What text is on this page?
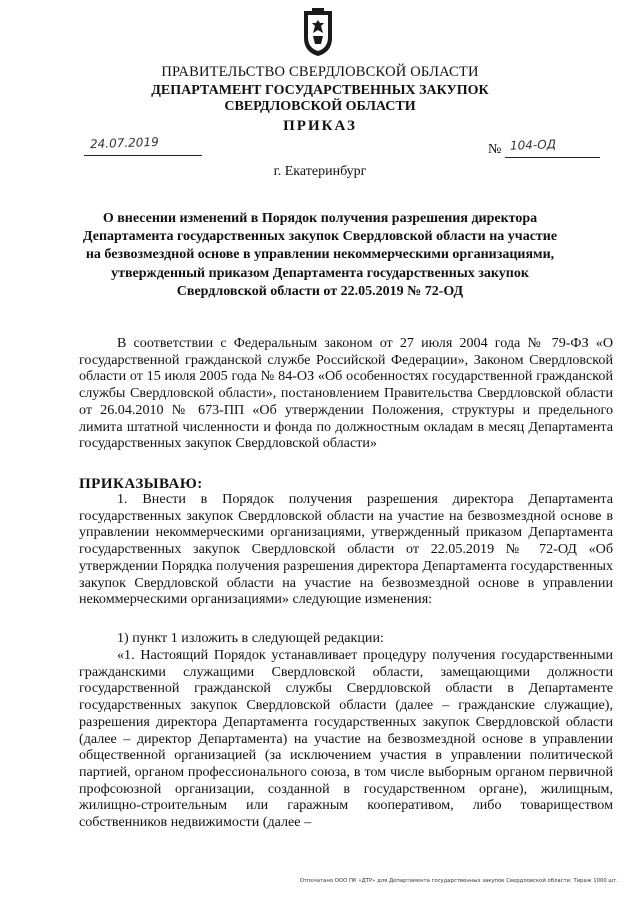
ПРАВИТЕЛЬСТВО СВЕРДЛОВСКОЙ ОБЛАСТИ
ДЕПАРТАМЕНТ ГОСУДАРСТВЕННЫХ ЗАКУПОК
СВЕРДЛОВСКОЙ ОБЛАСТИ
ПРИКАЗ
24.07.2019	№ 104-ОД
г. Екатеринбург
О внесении изменений в Порядок получения разрешения директора Департамента государственных закупок Свердловской области на участие на безвозмездной основе в управлении некоммерческими организациями, утвержденный приказом Департамента государственных закупок Свердловской области от 22.05.2019 № 72-ОД
В соответствии с Федеральным законом от 27 июля 2004 года № 79-ФЗ «О государственной гражданской службе Российской Федерации», Законом Свердловской области от 15 июля 2005 года № 84-ОЗ «Об особенностях государственной гражданской службы Свердловской области», постановлением Правительства Свердловской области от 26.04.2010 № 673-ПП «Об утверждении Положения, структуры и предельного лимита штатной численности и фонда по должностным окладам в месяц Департамента государственных закупок Свердловской области»
ПРИКАЗЫВАЮ:
1. Внести в Порядок получения разрешения директора Департамента государственных закупок Свердловской области на участие на безвозмездной основе в управлении некоммерческими организациями, утвержденный приказом Департамента государственных закупок Свердловской области от 22.05.2019 № 72-ОД «Об утверждении Порядка получения разрешения директора Департамента государственных закупок Свердловской области на участие на безвозмездной основе в управлении некоммерческими организациями» следующие изменения:
1) пункт 1 изложить в следующей редакции:
«1. Настоящий Порядок устанавливает процедуру получения государственными гражданскими служащими Свердловской области, замещающими должности государственной гражданской службы Свердловской области в Департаменте государственных закупок Свердловской области (далее – гражданские служащие), разрешения директора Департамента государственных закупок Свердловской области (далее – директор Департамента) на участие на безвозмездной основе в управлении общественной организацией (за исключением участия в управлении политической партией, органом профессионального союза, в том числе выборным органом первичной профсоюзной организации, созданной в государственном органе), жилищным, жилищно-строительным или гаражным кооперативом, либо товариществом собственников недвижимости (далее –
Отпечатано ООО ПК «ДТР» для Департамента государственных закупок Свердловской области. Тираж 1000 шт.
